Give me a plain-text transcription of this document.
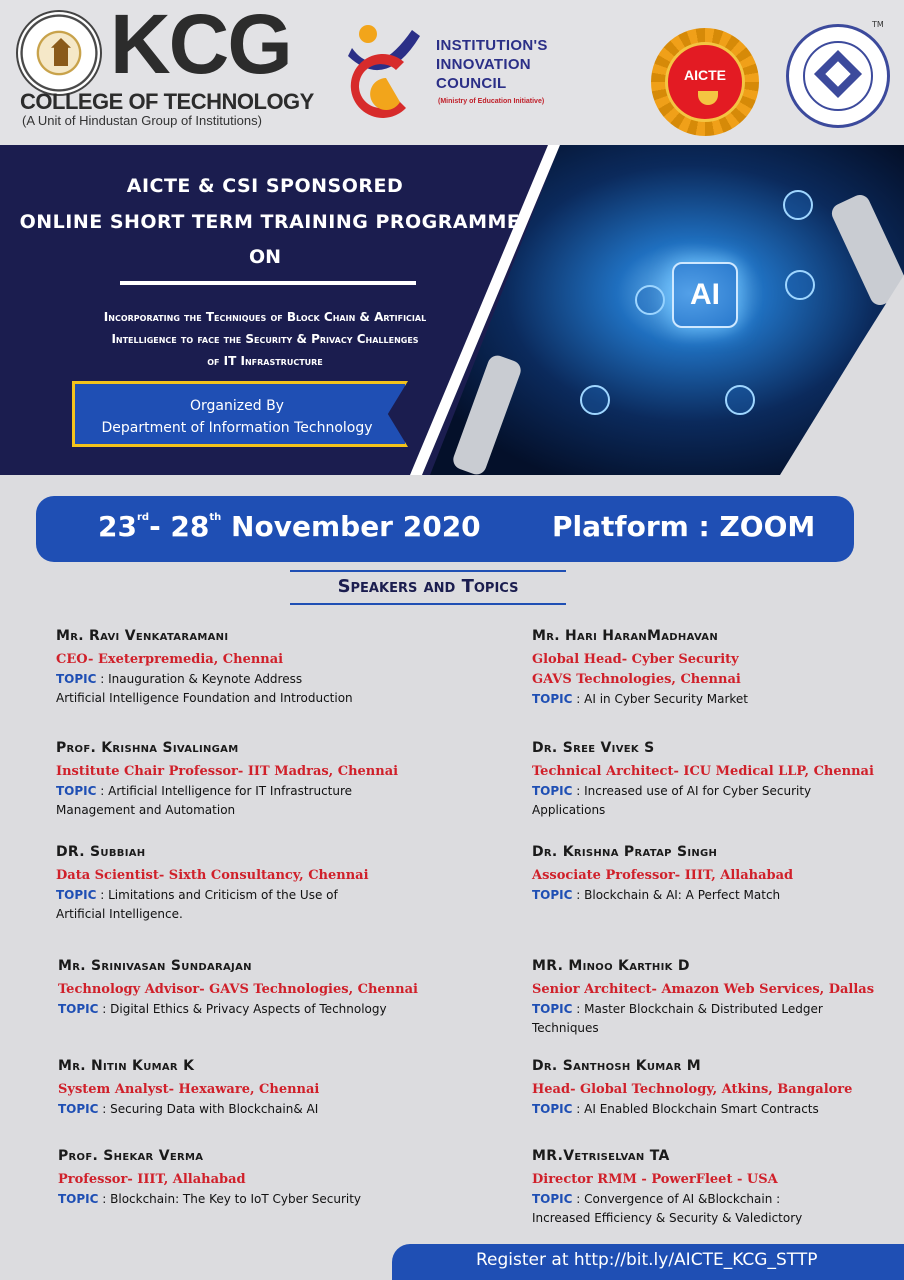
KCG
COLLEGE OF TECHNOLOGY
(A Unit of Hindustan Group of Institutions)
INSTITUTION'S
INNOVATION
COUNCIL
(Ministry of Education Initiative)
AICTE
TM
AI
AICTE & CSI SPONSORED
ONLINE SHORT TERM TRAINING PROGRAMME
ON
Incorporating the Techniques of Block Chain & Artificial
Intelligence to face the Security & Privacy Challenges
of IT Infrastructure
Organized By
Department of Information Technology
23rd- 28th November 2020	Platform : ZOOM
Speakers and Topics
Mr. Ravi Venkataramani
CEO- Exeterpremedia, Chennai
TOPIC : Inauguration & Keynote Address
Artificial Intelligence Foundation and Introduction
Prof. Krishna Sivalingam
Institute Chair Professor- IIT Madras, Chennai
TOPIC : Artificial Intelligence for IT Infrastructure
Management and Automation
DR. Subbiah
Data Scientist- Sixth Consultancy, Chennai
TOPIC : Limitations and Criticism of the Use of
Artificial Intelligence.
Mr. Srinivasan Sundarajan
Technology Advisor- GAVS Technologies, Chennai
TOPIC : Digital Ethics & Privacy Aspects of Technology
Mr. Nitin Kumar K
System Analyst- Hexaware, Chennai
TOPIC : Securing Data with Blockchain& AI
Prof. Shekar Verma
Professor- IIIT, Allahabad
TOPIC : Blockchain: The Key to IoT Cyber Security
Mr. Hari HaranMadhavan
Global Head- Cyber Security
GAVS Technologies, Chennai
TOPIC : AI in Cyber Security Market
Dr. Sree Vivek S
Technical Architect- ICU Medical LLP, Chennai
TOPIC : Increased use of AI for Cyber Security
Applications
Dr. Krishna Pratap Singh
Associate Professor- IIIT, Allahabad
TOPIC : Blockchain & AI: A Perfect Match
MR. Minoo Karthik D
Senior Architect- Amazon Web Services, Dallas
TOPIC : Master Blockchain & Distributed Ledger
Techniques
Dr. Santhosh Kumar M
Head- Global Technology, Atkins, Bangalore
TOPIC : AI Enabled Blockchain Smart Contracts
MR.Vetriselvan TA
Director RMM - PowerFleet - USA
TOPIC : Convergence of AI &Blockchain :
Increased Efficiency & Security & Valedictory
Register at http://bit.ly/AICTE_KCG_STTP
